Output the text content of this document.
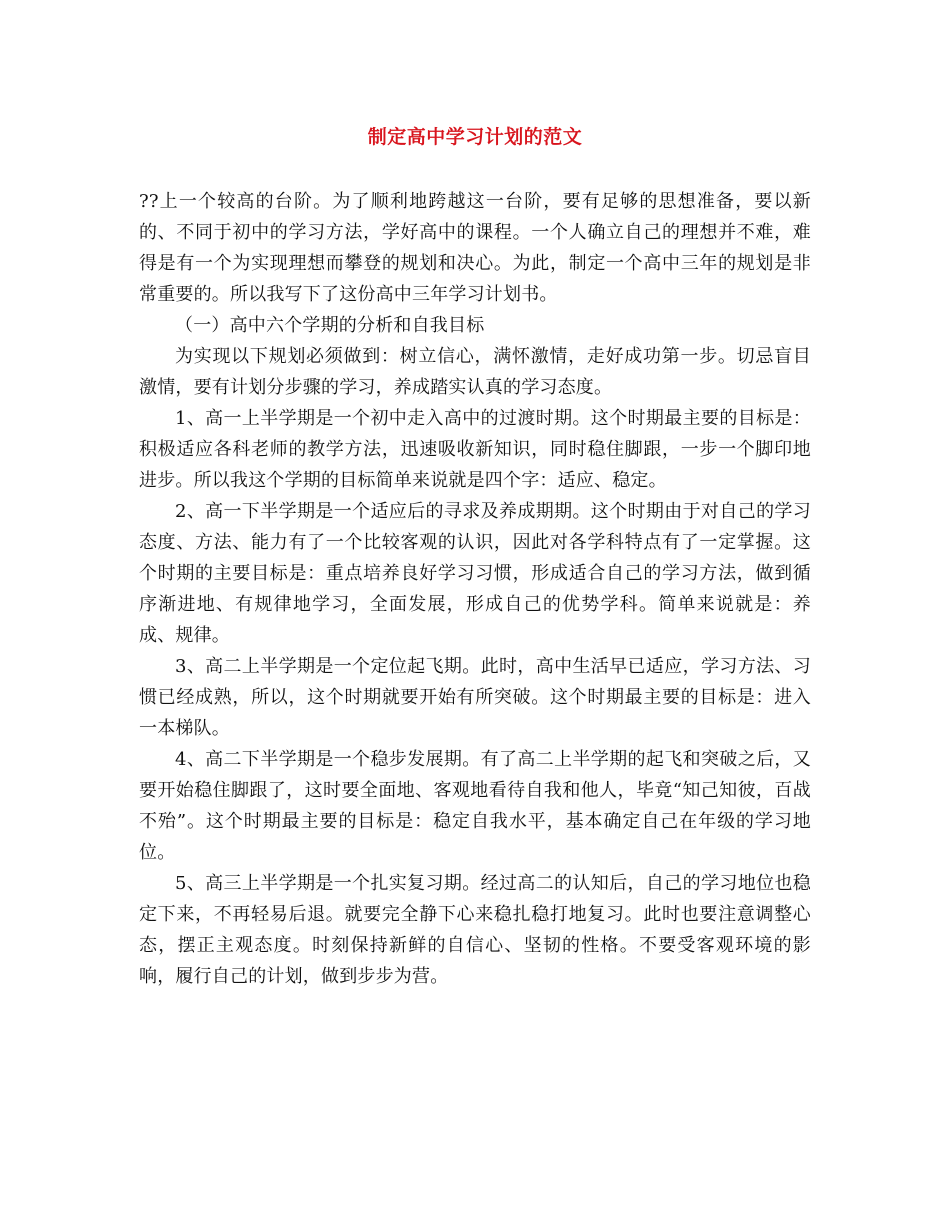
制定高中学习计划的范文

??上一个较高的台阶。为了顺利地跨越这一台阶，要有足够的思想准备，要以新的、不同于初中的学习方法，学好高中的课程。一个人确立自己的理想并不难，难得是有一个为实现理想而攀登的规划和决心。为此，制定一个高中三年的规划是非常重要的。所以我写下了这份高中三年学习计划书。

（一）高中六个学期的分析和自我目标

为实现以下规划必须做到：树立信心，满怀激情，走好成功第一步。切忌盲目激情，要有计划分步骤的学习，养成踏实认真的学习态度。

1、高一上半学期是一个初中走入高中的过渡时期。这个时期最主要的目标是：积极适应各科老师的教学方法，迅速吸收新知识，同时稳住脚跟，一步一个脚印地进步。所以我这个学期的目标简单来说就是四个字：适应、稳定。

2、高一下半学期是一个适应后的寻求及养成期期。这个时期由于对自己的学习态度、方法、能力有了一个比较客观的认识，因此对各学科特点有了一定掌握。这个时期的主要目标是：重点培养良好学习习惯，形成适合自己的学习方法，做到循序渐进地、有规律地学习，全面发展，形成自己的优势学科。简单来说就是：养成、规律。

3、高二上半学期是一个定位起飞期。此时，高中生活早已适应，学习方法、习惯已经成熟，所以，这个时期就要开始有所突破。这个时期最主要的目标是：进入一本梯队。

4、高二下半学期是一个稳步发展期。有了高二上半学期的起飞和突破之后，又要开始稳住脚跟了，这时要全面地、客观地看待自我和他人，毕竟“知己知彼，百战不殆”。这个时期最主要的目标是：稳定自我水平，基本确定自己在年级的学习地位。

5、高三上半学期是一个扎实复习期。经过高二的认知后，自己的学习地位也稳定下来，不再轻易后退。就要完全静下心来稳扎稳打地复习。此时也要注意调整心态，摆正主观态度。时刻保持新鲜的自信心、坚韧的性格。不要受客观环境的影响，履行自己的计划，做到步步为营。
